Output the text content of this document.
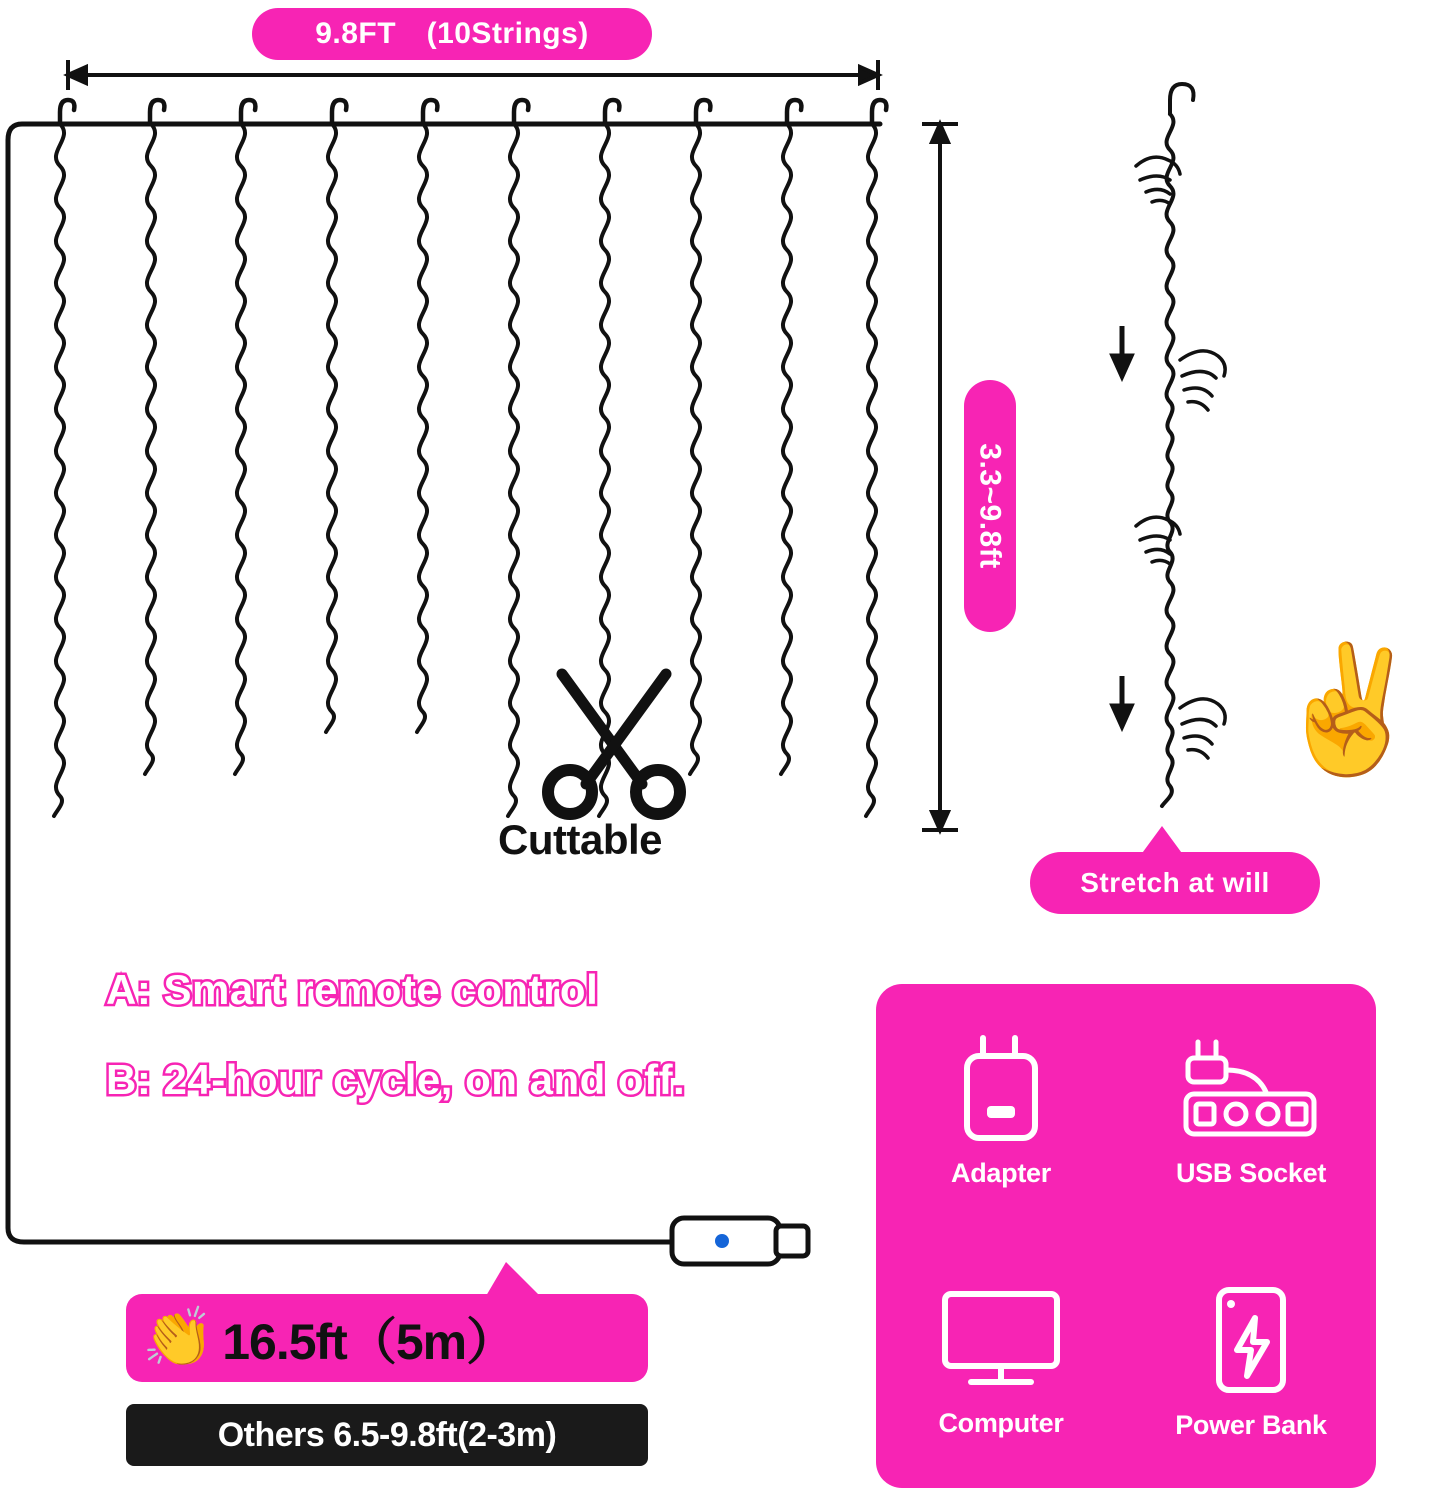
Cuttable
9.8FT (10Strings)
3.3~9.8ft
Stretch at will
✌️
A: Smart remote control
B: 24-hour cycle, on and off.
👏 16.5ft（5m）
Others 6.5-9.8ft(2-3m)
Adapter	USB Socket
Computer	Power Bank
